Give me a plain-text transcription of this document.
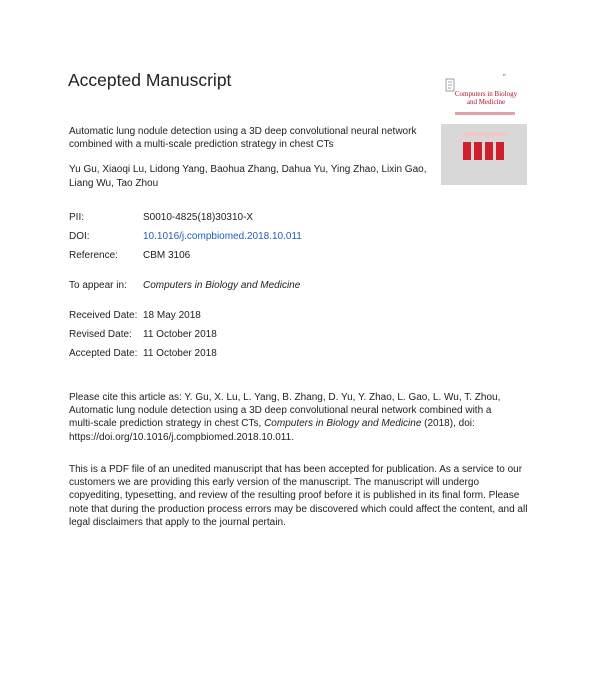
Accepted Manuscript	▪▪
Computers in Biology and Medicine
Automatic lung nodule detection using a 3D deep convolutional neural network combined with a multi-scale prediction strategy in chest CTs
Yu Gu, Xiaoqi Lu, Lidong Yang, Baohua Zhang, Dahua Yu, Ying Zhao, Lixin Gao, Liang Wu, Tao Zhou
PII:	S0010-4825(18)30310-X
DOI:	10.1016/j.compbiomed.2018.10.011
Reference:	CBM 3106
To appear in: Computers in Biology and Medicine
Received Date: 18 May 2018
Revised Date: 11 October 2018
Accepted Date: 11 October 2018
Please cite this article as: Y. Gu, X. Lu, L. Yang, B. Zhang, D. Yu, Y. Zhao, L. Gao, L. Wu, T. Zhou, Automatic lung nodule detection using a 3D deep convolutional neural network combined with a multi-scale prediction strategy in chest CTs, Computers in Biology and Medicine (2018), doi: https://doi.org/10.1016/j.compbiomed.2018.10.011.
This is a PDF file of an unedited manuscript that has been accepted for publication. As a service to our customers we are providing this early version of the manuscript. The manuscript will undergo copyediting, typesetting, and review of the resulting proof before it is published in its final form. Please note that during the production process errors may be discovered which could affect the content, and all legal disclaimers that apply to the journal pertain.
